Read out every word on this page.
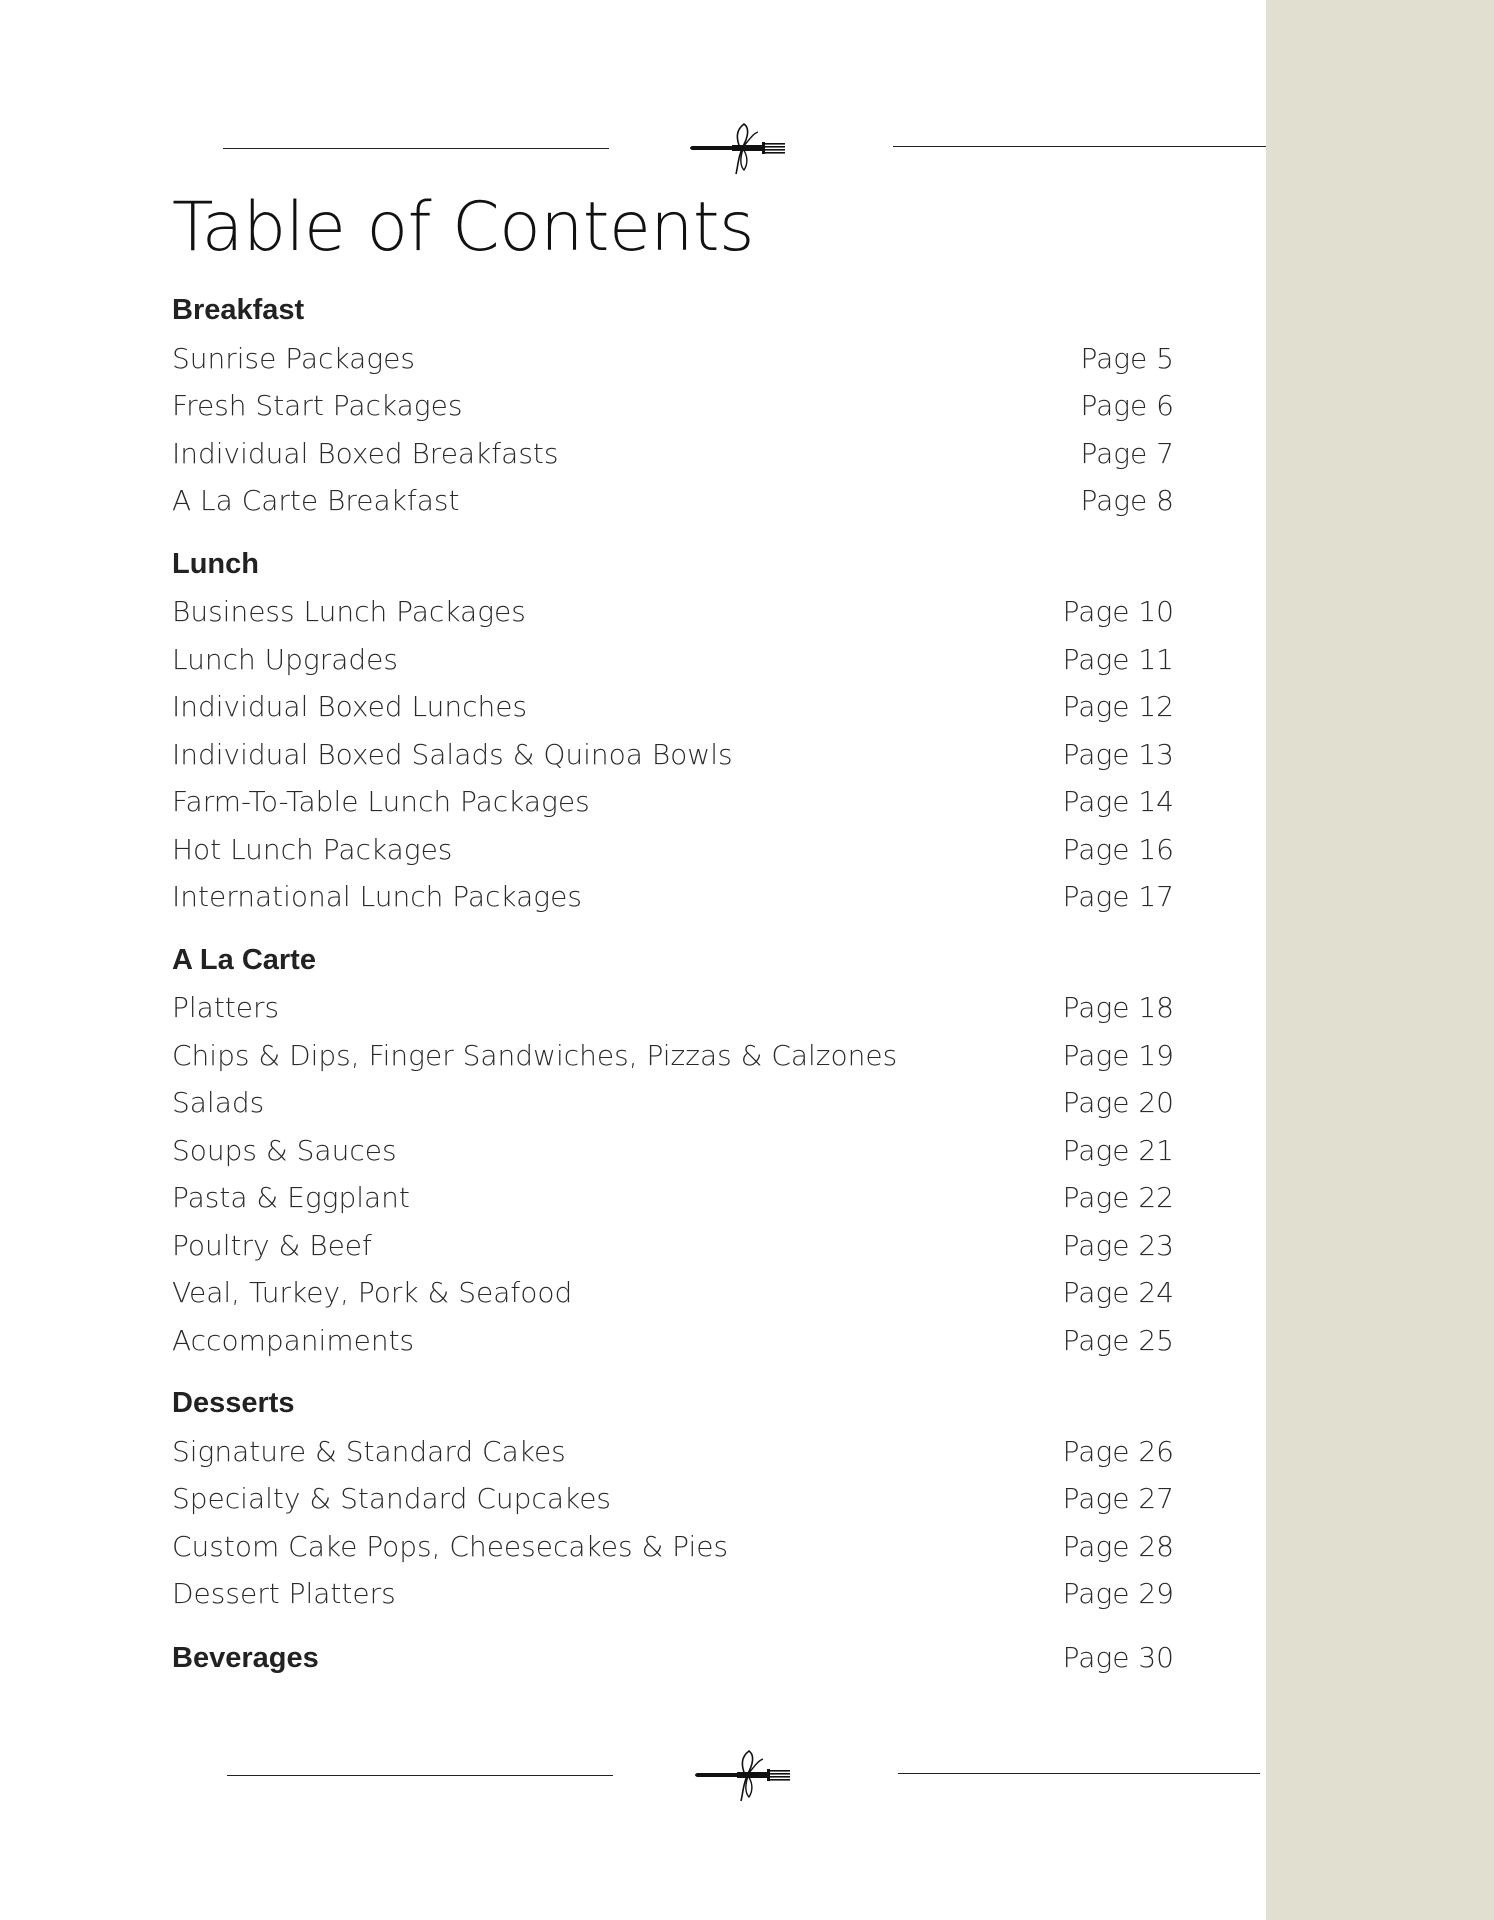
Table of Contents
Breakfast
Sunrise Packages	Page 5
Fresh Start Packages	Page 6
Individual Boxed Breakfasts	Page 7
A La Carte Breakfast	Page 8
Lunch
Business Lunch Packages	Page 10
Lunch Upgrades	Page 11
Individual Boxed Lunches	Page 12
Individual Boxed Salads & Quinoa Bowls	Page 13
Farm-To-Table Lunch Packages	Page 14
Hot Lunch Packages	Page 16
International Lunch Packages	Page 17
A La Carte
Platters	Page 18
Chips & Dips, Finger Sandwiches, Pizzas & Calzones	Page 19
Salads	Page 20
Soups & Sauces	Page 21
Pasta & Eggplant	Page 22
Poultry & Beef	Page 23
Veal, Turkey, Pork & Seafood	Page 24
Accompaniments	Page 25
Desserts
Signature & Standard Cakes	Page 26
Specialty & Standard Cupcakes	Page 27
Custom Cake Pops, Cheesecakes & Pies	Page 28
Dessert Platters	Page 29
Beverages	Page 30
